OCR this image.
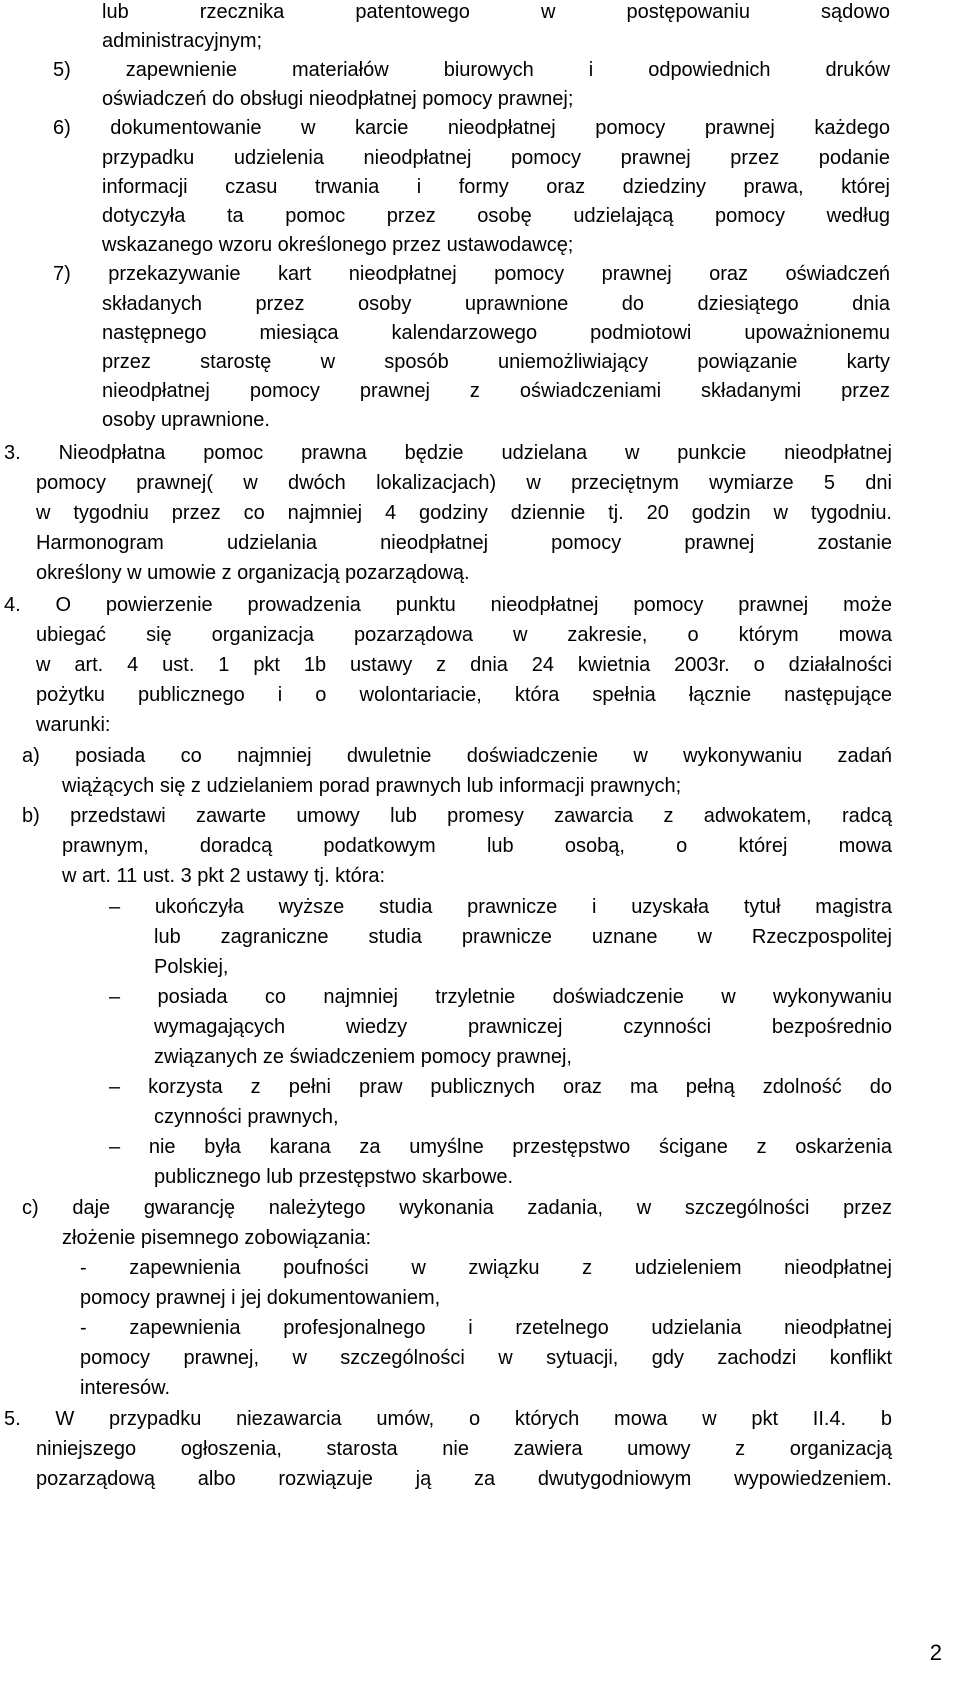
lub rzecznika patentowego w postępowaniu sądowo
administracyjnym;
5) zapewnienie materiałów biurowych i odpowiednich druków
oświadczeń do obsługi nieodpłatnej pomocy prawnej;
6) dokumentowanie w karcie nieodpłatnej pomocy prawnej każdego
przypadku udzielenia nieodpłatnej pomocy prawnej przez podanie
informacji czasu trwania i formy oraz dziedziny prawa, której
dotyczyła ta pomoc przez osobę udzielającą pomocy według
wskazanego wzoru określonego przez ustawodawcę;
7) przekazywanie kart nieodpłatnej pomocy prawnej oraz oświadczeń
składanych przez osoby uprawnione do dziesiątego dnia
następnego miesiąca kalendarzowego podmiotowi upoważnionemu
przez starostę w sposób uniemożliwiający powiązanie karty
nieodpłatnej pomocy prawnej z oświadczeniami składanymi przez
osoby uprawnione.
3. Nieodpłatna pomoc prawna będzie udzielana w punkcie nieodpłatnej
pomocy prawnej( w dwóch lokalizacjach) w przeciętnym wymiarze 5 dni
w tygodniu przez co najmniej 4 godziny dziennie tj. 20 godzin w tygodniu.
Harmonogram udzielania nieodpłatnej pomocy prawnej zostanie
określony w umowie z organizacją pozarządową.
4. O powierzenie prowadzenia punktu nieodpłatnej pomocy prawnej może
ubiegać się organizacja pozarządowa w zakresie, o którym mowa
w art. 4 ust. 1 pkt 1b ustawy z dnia 24 kwietnia 2003r. o działalności
pożytku publicznego i o wolontariacie, która spełnia łącznie następujące
warunki:
a) posiada co najmniej dwuletnie doświadczenie w wykonywaniu zadań
wiążących się z udzielaniem porad prawnych lub informacji prawnych;
b) przedstawi zawarte umowy lub promesy zawarcia z adwokatem, radcą
prawnym, doradcą podatkowym lub osobą, o której mowa
w art. 11 ust. 3 pkt 2 ustawy tj. która:
– ukończyła wyższe studia prawnicze i uzyskała tytuł magistra
lub zagraniczne studia prawnicze uznane w Rzeczpospolitej
Polskiej,
– posiada co najmniej trzyletnie doświadczenie w wykonywaniu
wymagających wiedzy prawniczej czynności bezpośrednio
związanych ze świadczeniem pomocy prawnej,
– korzysta z pełni praw publicznych oraz ma pełną zdolność do
czynności prawnych,
– nie była karana za umyślne przestępstwo ścigane z oskarżenia
publicznego lub przestępstwo skarbowe.
c) daje gwarancję należytego wykonania zadania, w szczególności przez
złożenie pisemnego zobowiązania:
- zapewnienia poufności w związku z udzieleniem nieodpłatnej
pomocy prawnej i jej dokumentowaniem,
- zapewnienia profesjonalnego i rzetelnego udzielania nieodpłatnej
pomocy prawnej, w szczególności w sytuacji, gdy zachodzi konflikt
interesów.
5. W przypadku niezawarcia umów, o których mowa w pkt II.4. b
niniejszego ogłoszenia, starosta nie zawiera umowy z organizacją
pozarządową albo rozwiązuje ją za dwutygodniowym wypowiedzeniem.
2
